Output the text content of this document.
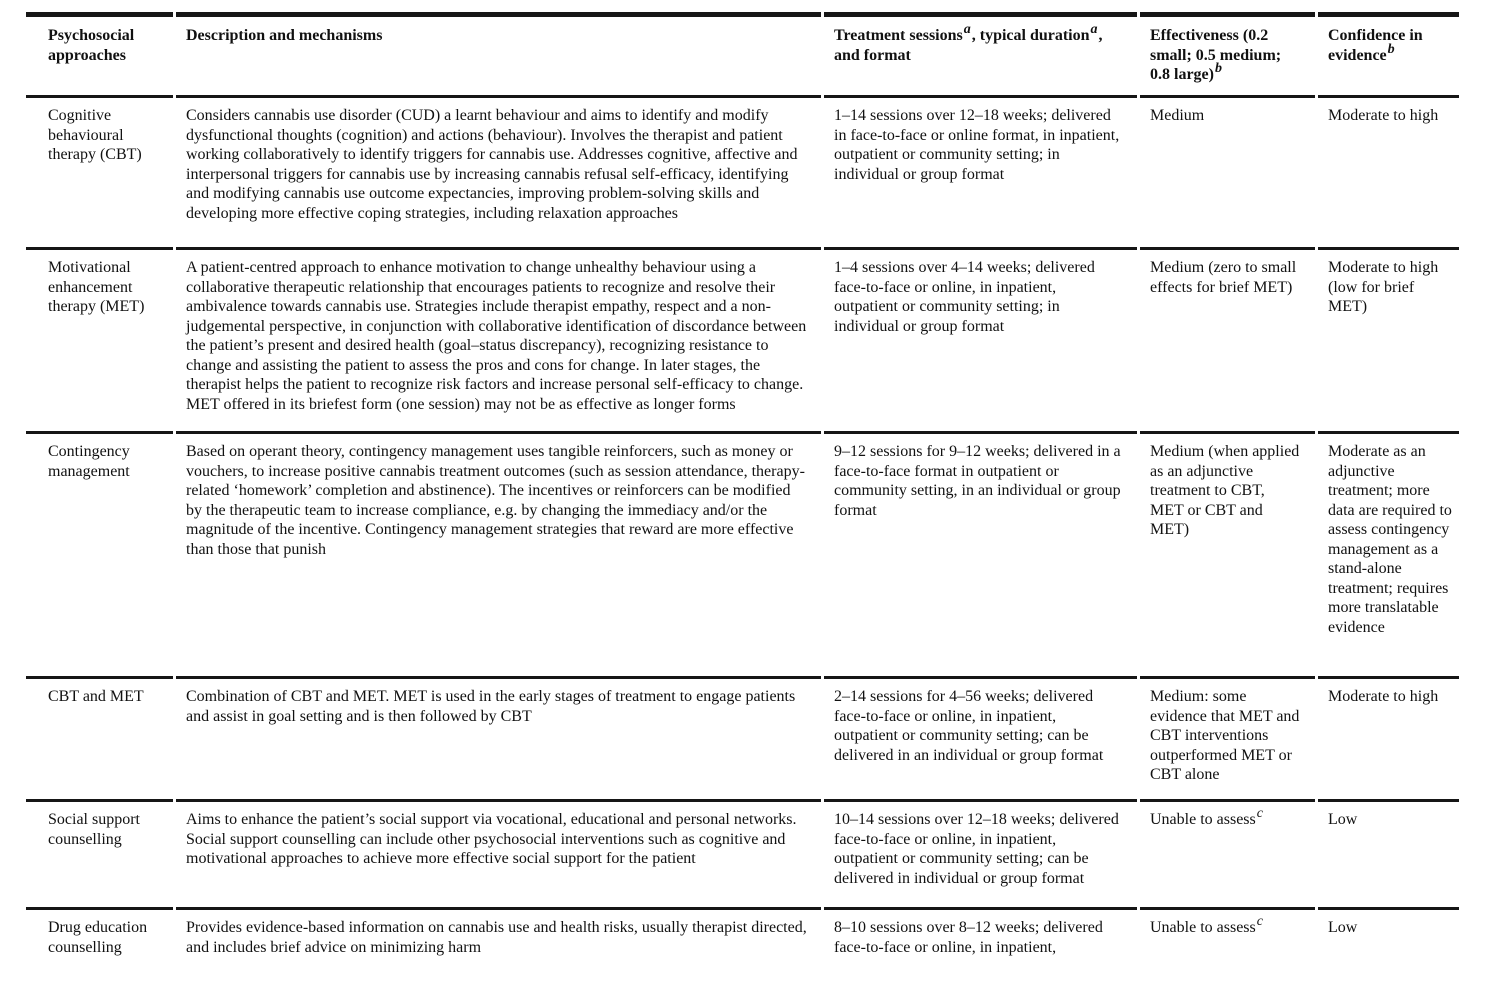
Psychosocial approaches	Description and mechanisms	Treatment sessionsa, typical durationa, and format	Effectiveness (0.2 small; 0.5 medium; 0.8 large)b	Confidence in evidenceb
Cognitive behavioural therapy (CBT)	Considers cannabis use disorder (CUD) a learnt behaviour and aims to identify and modify dysfunctional thoughts (cognition) and actions (behaviour). Involves the therapist and patient working collaboratively to identify triggers for cannabis use. Addresses cognitive, affective and interpersonal triggers for cannabis use by increasing cannabis refusal self-efficacy, identifying and modifying cannabis use outcome expectancies, improving problem-solving skills and developing more effective coping strategies, including relaxation approaches	1–14 sessions over 12–18 weeks; delivered in face-to-face or online format, in inpatient, outpatient or community setting; in individual or group format	Medium	Moderate to high
Motivational enhancement therapy (MET)	A patient-centred approach to enhance motivation to change unhealthy behaviour using a collaborative therapeutic relationship that encourages patients to recognize and resolve their ambivalence towards cannabis use. Strategies include therapist empathy, respect and a non-judgemental perspective, in conjunction with collaborative identification of discordance between the patient’s present and desired health (goal–status discrepancy), recognizing resistance to change and assisting the patient to assess the pros and cons for change. In later stages, the therapist helps the patient to recognize risk factors and increase personal self-efficacy to change. MET offered in its briefest form (one session) may not be as effective as longer forms	1–4 sessions over 4–14 weeks; delivered face-to-face or online, in inpatient, outpatient or community setting; in individual or group format	Medium (zero to small effects for brief MET)	Moderate to high (low for brief MET)
Contingency management	Based on operant theory, contingency management uses tangible reinforcers, such as money or vouchers, to increase positive cannabis treatment outcomes (such as session attendance, therapy-related ‘homework’ completion and abstinence). The incentives or reinforcers can be modified by the therapeutic team to increase compliance, e.g. by changing the immediacy and/or the magnitude of the incentive. Contingency management strategies that reward are more effective than those that punish	9–12 sessions for 9–12 weeks; delivered in a face-to-face format in outpatient or community setting, in an individual or group format	Medium (when applied as an adjunctive treatment to CBT, MET or CBT and MET)	Moderate as an adjunctive treatment; more data are required to assess contingency management as a stand-alone treatment; requires more translatable evidence
CBT and MET	Combination of CBT and MET. MET is used in the early stages of treatment to engage patients and assist in goal setting and is then followed by CBT	2–14 sessions for 4–56 weeks; delivered face-to-face or online, in inpatient, outpatient or community setting; can be delivered in an individual or group format	Medium: some evidence that MET and CBT interventions outperformed MET or CBT alone	Moderate to high
Social support counselling	Aims to enhance the patient’s social support via vocational, educational and personal networks. Social support counselling can include other psychosocial interventions such as cognitive and motivational approaches to achieve more effective social support for the patient	10–14 sessions over 12–18 weeks; delivered face-to-face or online, in inpatient, outpatient or community setting; can be delivered in individual or group format	Unable to assessc	Low
Drug education counselling	Provides evidence-based information on cannabis use and health risks, usually therapist directed, and includes brief advice on minimizing harm	8–10 sessions over 8–12 weeks; delivered face-to-face or online, in inpatient,	Unable to assessc	Low
